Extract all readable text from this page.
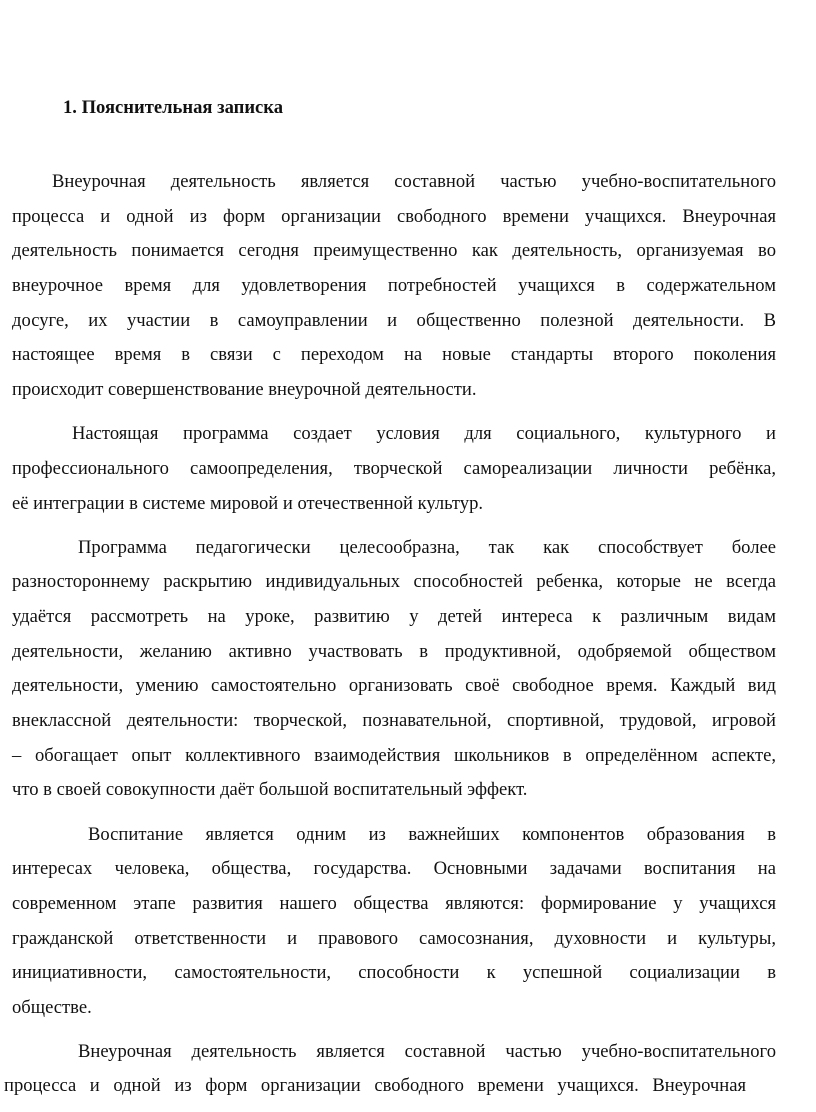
1. Пояснительная записка

Внеурочная деятельность является составной частью учебно-воспитательного

процесса и одной из форм организации свободного времени учащихся. Внеурочная

деятельность понимается сегодня преимущественно как деятельность, организуемая во

внеурочное время для удовлетворения потребностей учащихся в содержательном

досуге, их участии в самоуправлении и общественно полезной деятельности. В

настоящее время в связи с переходом на новые стандарты второго поколения

происходит совершенствование внеурочной деятельности.

Настоящая программа создает условия для социального, культурного и

профессионального самоопределения, творческой самореализации личности ребёнка,

её интеграции в системе мировой и отечественной культур.

Программа педагогически целесообразна, так как способствует более

разностороннему раскрытию индивидуальных способностей ребенка, которые не всегда

удаётся рассмотреть на уроке, развитию у детей интереса к различным видам

деятельности, желанию активно участвовать в продуктивной, одобряемой обществом

деятельности, умению самостоятельно организовать своё свободное время. Каждый вид

внеклассной деятельности: творческой, познавательной, спортивной, трудовой, игровой

– обогащает опыт коллективного взаимодействия школьников в определённом аспекте,

что в своей совокупности даёт большой воспитательный эффект.

Воспитание является одним из важнейших компонентов образования в

интересах человека, общества, государства. Основными задачами воспитания на

современном этапе развития нашего общества являются: формирование у учащихся

гражданской ответственности и правового самосознания, духовности и культуры,

инициативности, самостоятельности, способности к успешной социализации в

обществе.

Внеурочная деятельность является составной частью учебно-воспитательного

процесса и одной из форм организации свободного времени учащихся. Внеурочная
